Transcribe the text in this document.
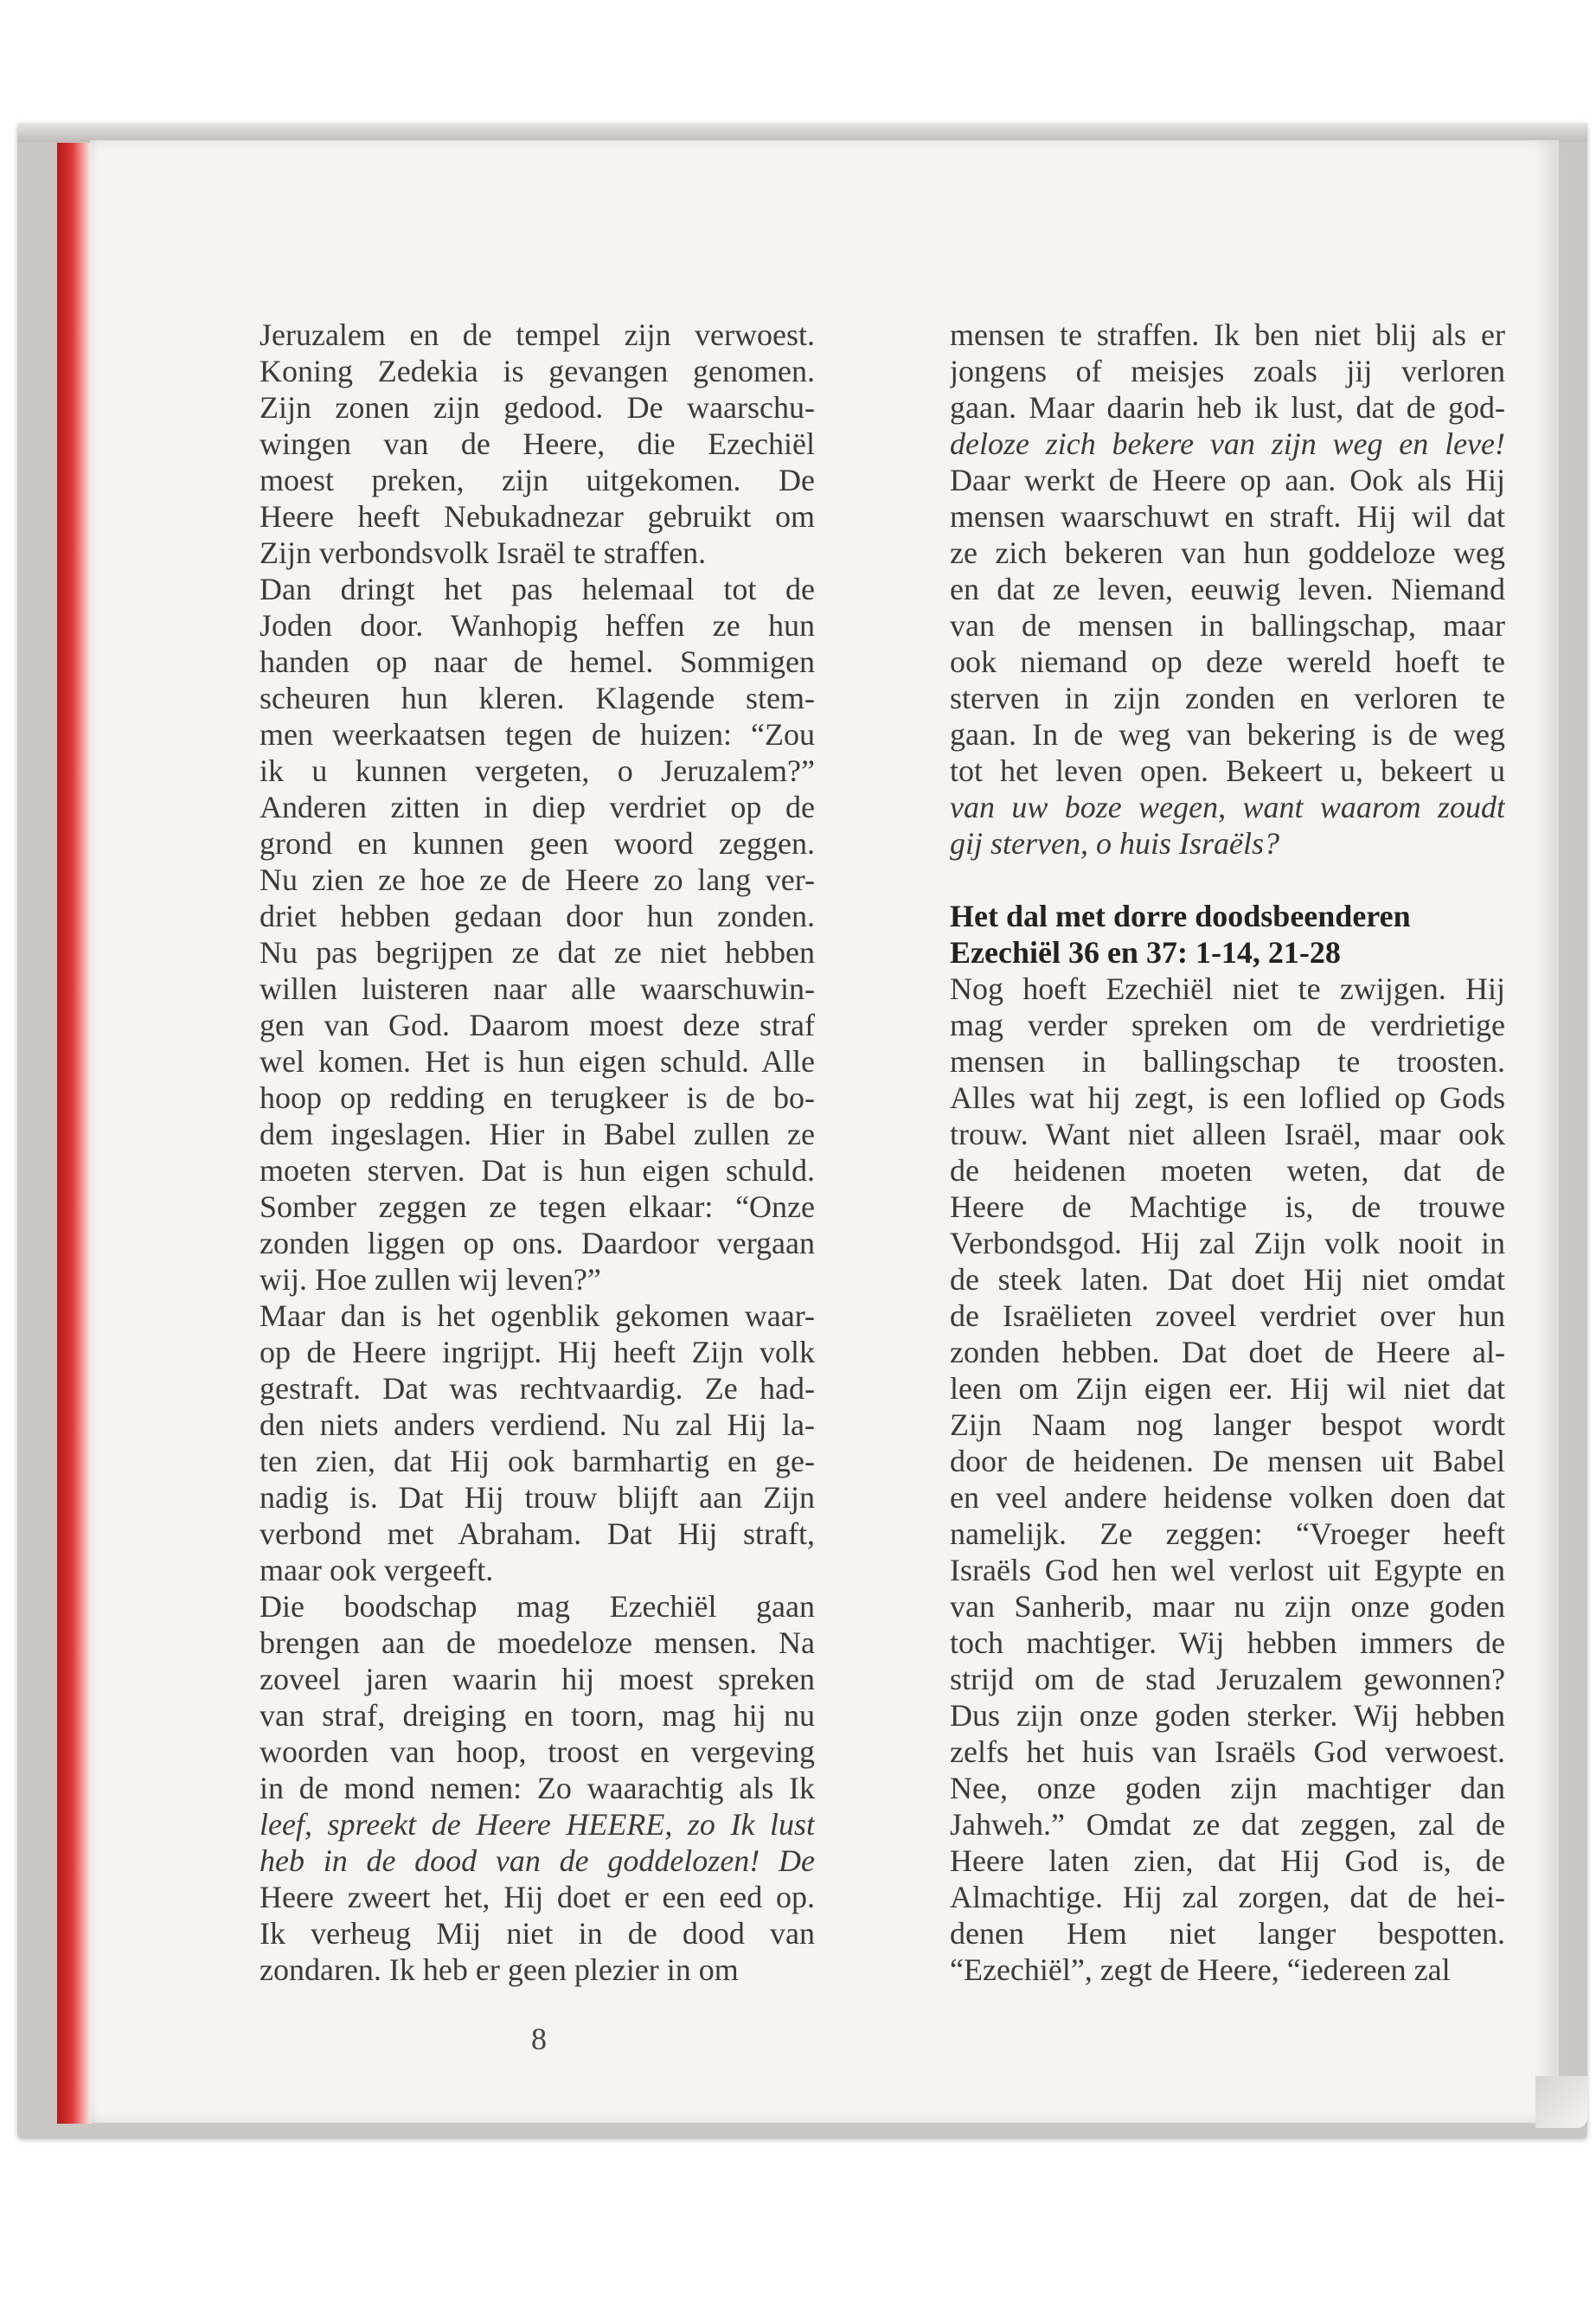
Jeruzalem en de tempel zijn verwoest.
Koning Zedekia is gevangen genomen.
Zijn zonen zijn gedood. De waarschu-
wingen van de Heere, die Ezechiël
moest preken, zijn uitgekomen. De
Heere heeft Nebukadnezar gebruikt om
Zijn verbondsvolk Israël te straffen.
Dan dringt het pas helemaal tot de
Joden door. Wanhopig heffen ze hun
handen op naar de hemel. Sommigen
scheuren hun kleren. Klagende stem-
men weerkaatsen tegen de huizen: “Zou
ik u kunnen vergeten, o Jeruzalem?”
Anderen zitten in diep verdriet op de
grond en kunnen geen woord zeggen.
Nu zien ze hoe ze de Heere zo lang ver-
driet hebben gedaan door hun zonden.
Nu pas begrijpen ze dat ze niet hebben
willen luisteren naar alle waarschuwin-
gen van God. Daarom moest deze straf
wel komen. Het is hun eigen schuld. Alle
hoop op redding en terugkeer is de bo-
dem ingeslagen. Hier in Babel zullen ze
moeten sterven. Dat is hun eigen schuld.
Somber zeggen ze tegen elkaar: “Onze
zonden liggen op ons. Daardoor vergaan
wij. Hoe zullen wij leven?”
Maar dan is het ogenblik gekomen waar-
op de Heere ingrijpt. Hij heeft Zijn volk
gestraft. Dat was rechtvaardig. Ze had-
den niets anders verdiend. Nu zal Hij la-
ten zien, dat Hij ook barmhartig en ge-
nadig is. Dat Hij trouw blijft aan Zijn
verbond met Abraham. Dat Hij straft,
maar ook vergeeft.
Die boodschap mag Ezechiël gaan
brengen aan de moedeloze mensen. Na
zoveel jaren waarin hij moest spreken
van straf, dreiging en toorn, mag hij nu
woorden van hoop, troost en vergeving
in de mond nemen: Zo waarachtig als Ik
leef, spreekt de Heere HEERE, zo Ik lust
heb in de dood van de goddelozen! De
Heere zweert het, Hij doet er een eed op.
Ik verheug Mij niet in de dood van
zondaren. Ik heb er geen plezier in om
mensen te straffen. Ik ben niet blij als er
jongens of meisjes zoals jij verloren
gaan. Maar daarin heb ik lust, dat de god-
deloze zich bekere van zijn weg en leve!
Daar werkt de Heere op aan. Ook als Hij
mensen waarschuwt en straft. Hij wil dat
ze zich bekeren van hun goddeloze weg
en dat ze leven, eeuwig leven. Niemand
van de mensen in ballingschap, maar
ook niemand op deze wereld hoeft te
sterven in zijn zonden en verloren te
gaan. In de weg van bekering is de weg
tot het leven open. Bekeert u, bekeert u
van uw boze wegen, want waarom zoudt
gij sterven, o huis Israëls?
Het dal met dorre doodsbeenderen
Ezechiël 36 en 37: 1-14, 21-28
Nog hoeft Ezechiël niet te zwijgen. Hij
mag verder spreken om de verdrietige
mensen in ballingschap te troosten.
Alles wat hij zegt, is een loflied op Gods
trouw. Want niet alleen Israël, maar ook
de heidenen moeten weten, dat de
Heere de Machtige is, de trouwe
Verbondsgod. Hij zal Zijn volk nooit in
de steek laten. Dat doet Hij niet omdat
de Israëlieten zoveel verdriet over hun
zonden hebben. Dat doet de Heere al-
leen om Zijn eigen eer. Hij wil niet dat
Zijn Naam nog langer bespot wordt
door de heidenen. De mensen uit Babel
en veel andere heidense volken doen dat
namelijk. Ze zeggen: “Vroeger heeft
Israëls God hen wel verlost uit Egypte en
van Sanherib, maar nu zijn onze goden
toch machtiger. Wij hebben immers de
strijd om de stad Jeruzalem gewonnen?
Dus zijn onze goden sterker. Wij hebben
zelfs het huis van Israëls God verwoest.
Nee, onze goden zijn machtiger dan
Jahweh.” Omdat ze dat zeggen, zal de
Heere laten zien, dat Hij God is, de
Almachtige. Hij zal zorgen, dat de hei-
denen Hem niet langer bespotten.
“Ezechiël”, zegt de Heere, “iedereen zal
8
